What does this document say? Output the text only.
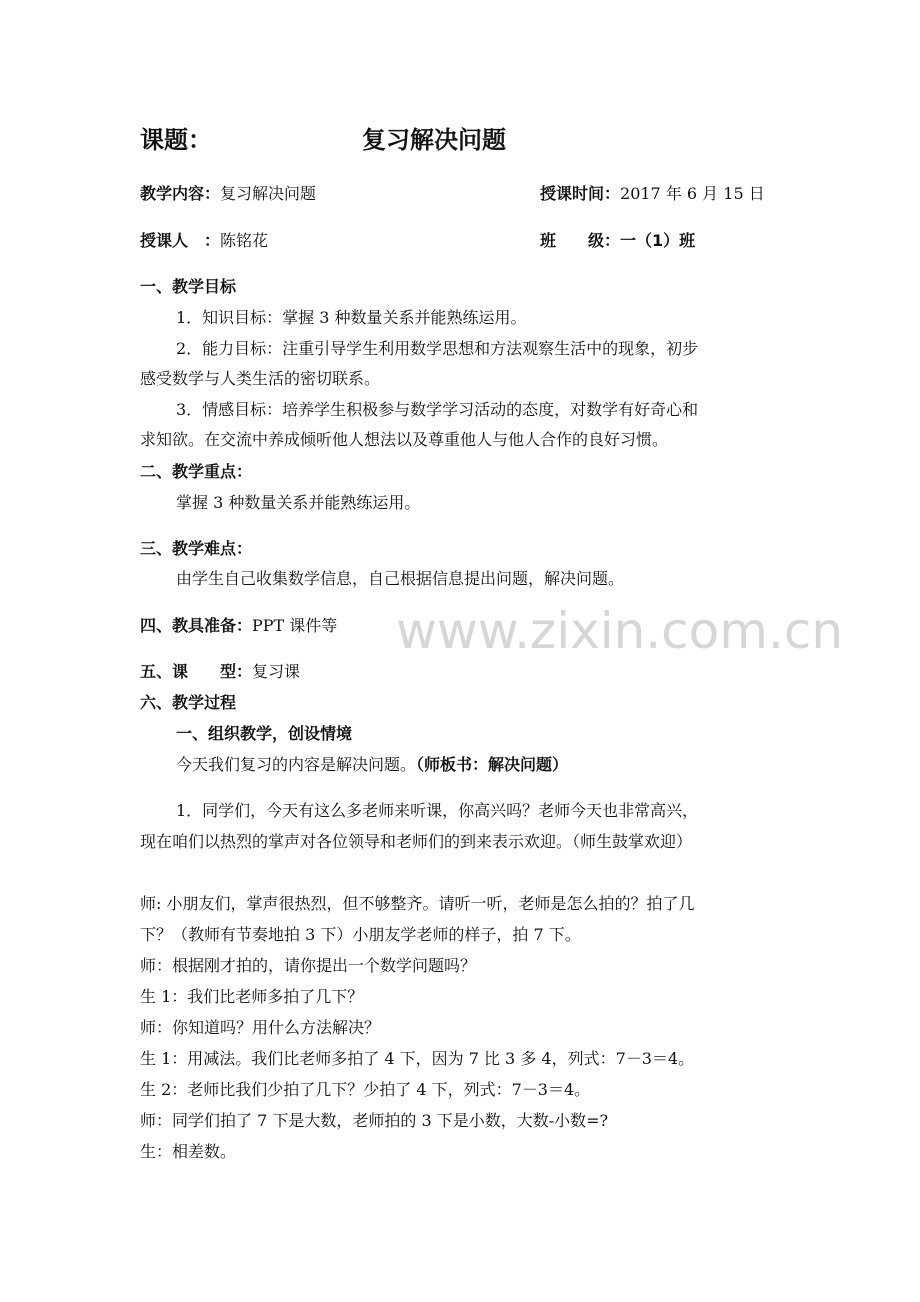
课题：	复习解决问题
教学内容：复习解决问题	授课时间：2017 年 6 月 15 日
授课人　：陈铭花	班　　级：一（1）班
一、教学目标
1．知识目标：掌握 3 种数量关系并能熟练运用。
2．能力目标：注重引导学生利用数学思想和方法观察生活中的现象，初步
感受数学与人类生活的密切联系。
3．情感目标：培养学生积极参与数学学习活动的态度，对数学有好奇心和
求知欲。在交流中养成倾听他人想法以及尊重他人与他人合作的良好习惯。
二、教学重点：
掌握 3 种数量关系并能熟练运用。
三、教学难点：
由学生自己收集数学信息，自己根据信息提出问题，解决问题。
四、教具准备：PPT 课件等
五、课　　型：复习课
六、教学过程
一、组织教学，创设情境
今天我们复习的内容是解决问题。（师板书：解决问题）
1．同学们，今天有这么多老师来听课，你高兴吗？老师今天也非常高兴，
现在咱们以热烈的掌声对各位领导和老师们的到来表示欢迎。（师生鼓掌欢迎）
师: 小朋友们，掌声很热烈，但不够整齐。请听一听，老师是怎么拍的？拍了几
下？（教师有节奏地拍 3 下）小朋友学老师的样子，拍 7 下。
师：根据刚才拍的，请你提出一个数学问题吗？
生 1：我们比老师多拍了几下？
师：你知道吗？用什么方法解决？
生 1：用减法。我们比老师多拍了 4 下，因为 7 比 3 多 4，列式：7－3＝4。
生 2：老师比我们少拍了几下？少拍了 4 下，列式：7－3＝4。
师：同学们拍了 7 下是大数，老师拍的 3 下是小数，大数-小数=?
生：相差数。
www.zixin.com.cn
